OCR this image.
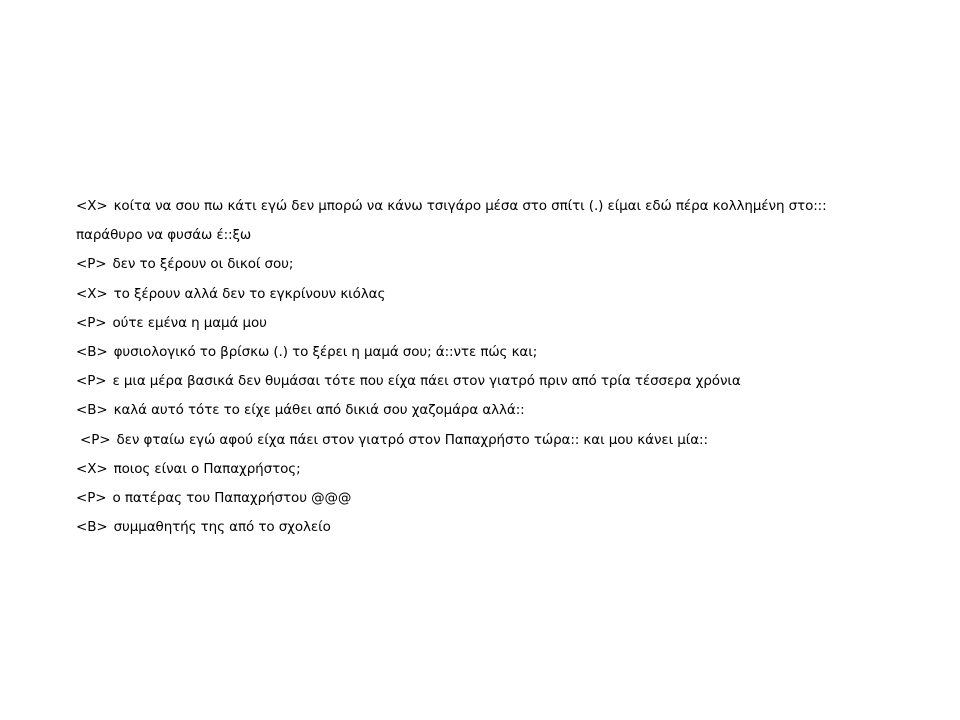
<X> κοίτα να σου πω κάτι εγώ δεν μπορώ να κάνω τσιγάρο μέσα στο σπίτι (.) είμαι εδώ πέρα κολλημένη στο:::
παράθυρο να φυσάω έ::ξω
<P> δεν το ξέρουν οι δικοί σου;
<X> το ξέρουν αλλά δεν το εγκρίνουν κιόλας
<P> ούτε εμένα η μαμά μου
<B> φυσιολογικό το βρίσκω (.) το ξέρει η μαμά σου; ά::ντε πώς και;
<P> ε μια μέρα βασικά δεν θυμάσαι τότε που είχα πάει στον γιατρό πριν από τρία τέσσερα χρόνια
<B> καλά αυτό τότε το είχε μάθει από δικιά σου χαζομάρα αλλά::
<P> δεν φταίω εγώ αφού είχα πάει στον γιατρό στον Παπαχρήστο τώρα:: και μου κάνει μία::
<X> ποιος είναι ο Παπαχρήστος;
<P> ο πατέρας του Παπαχρήστου @@@
<B> συμμαθητής της από το σχολείο
